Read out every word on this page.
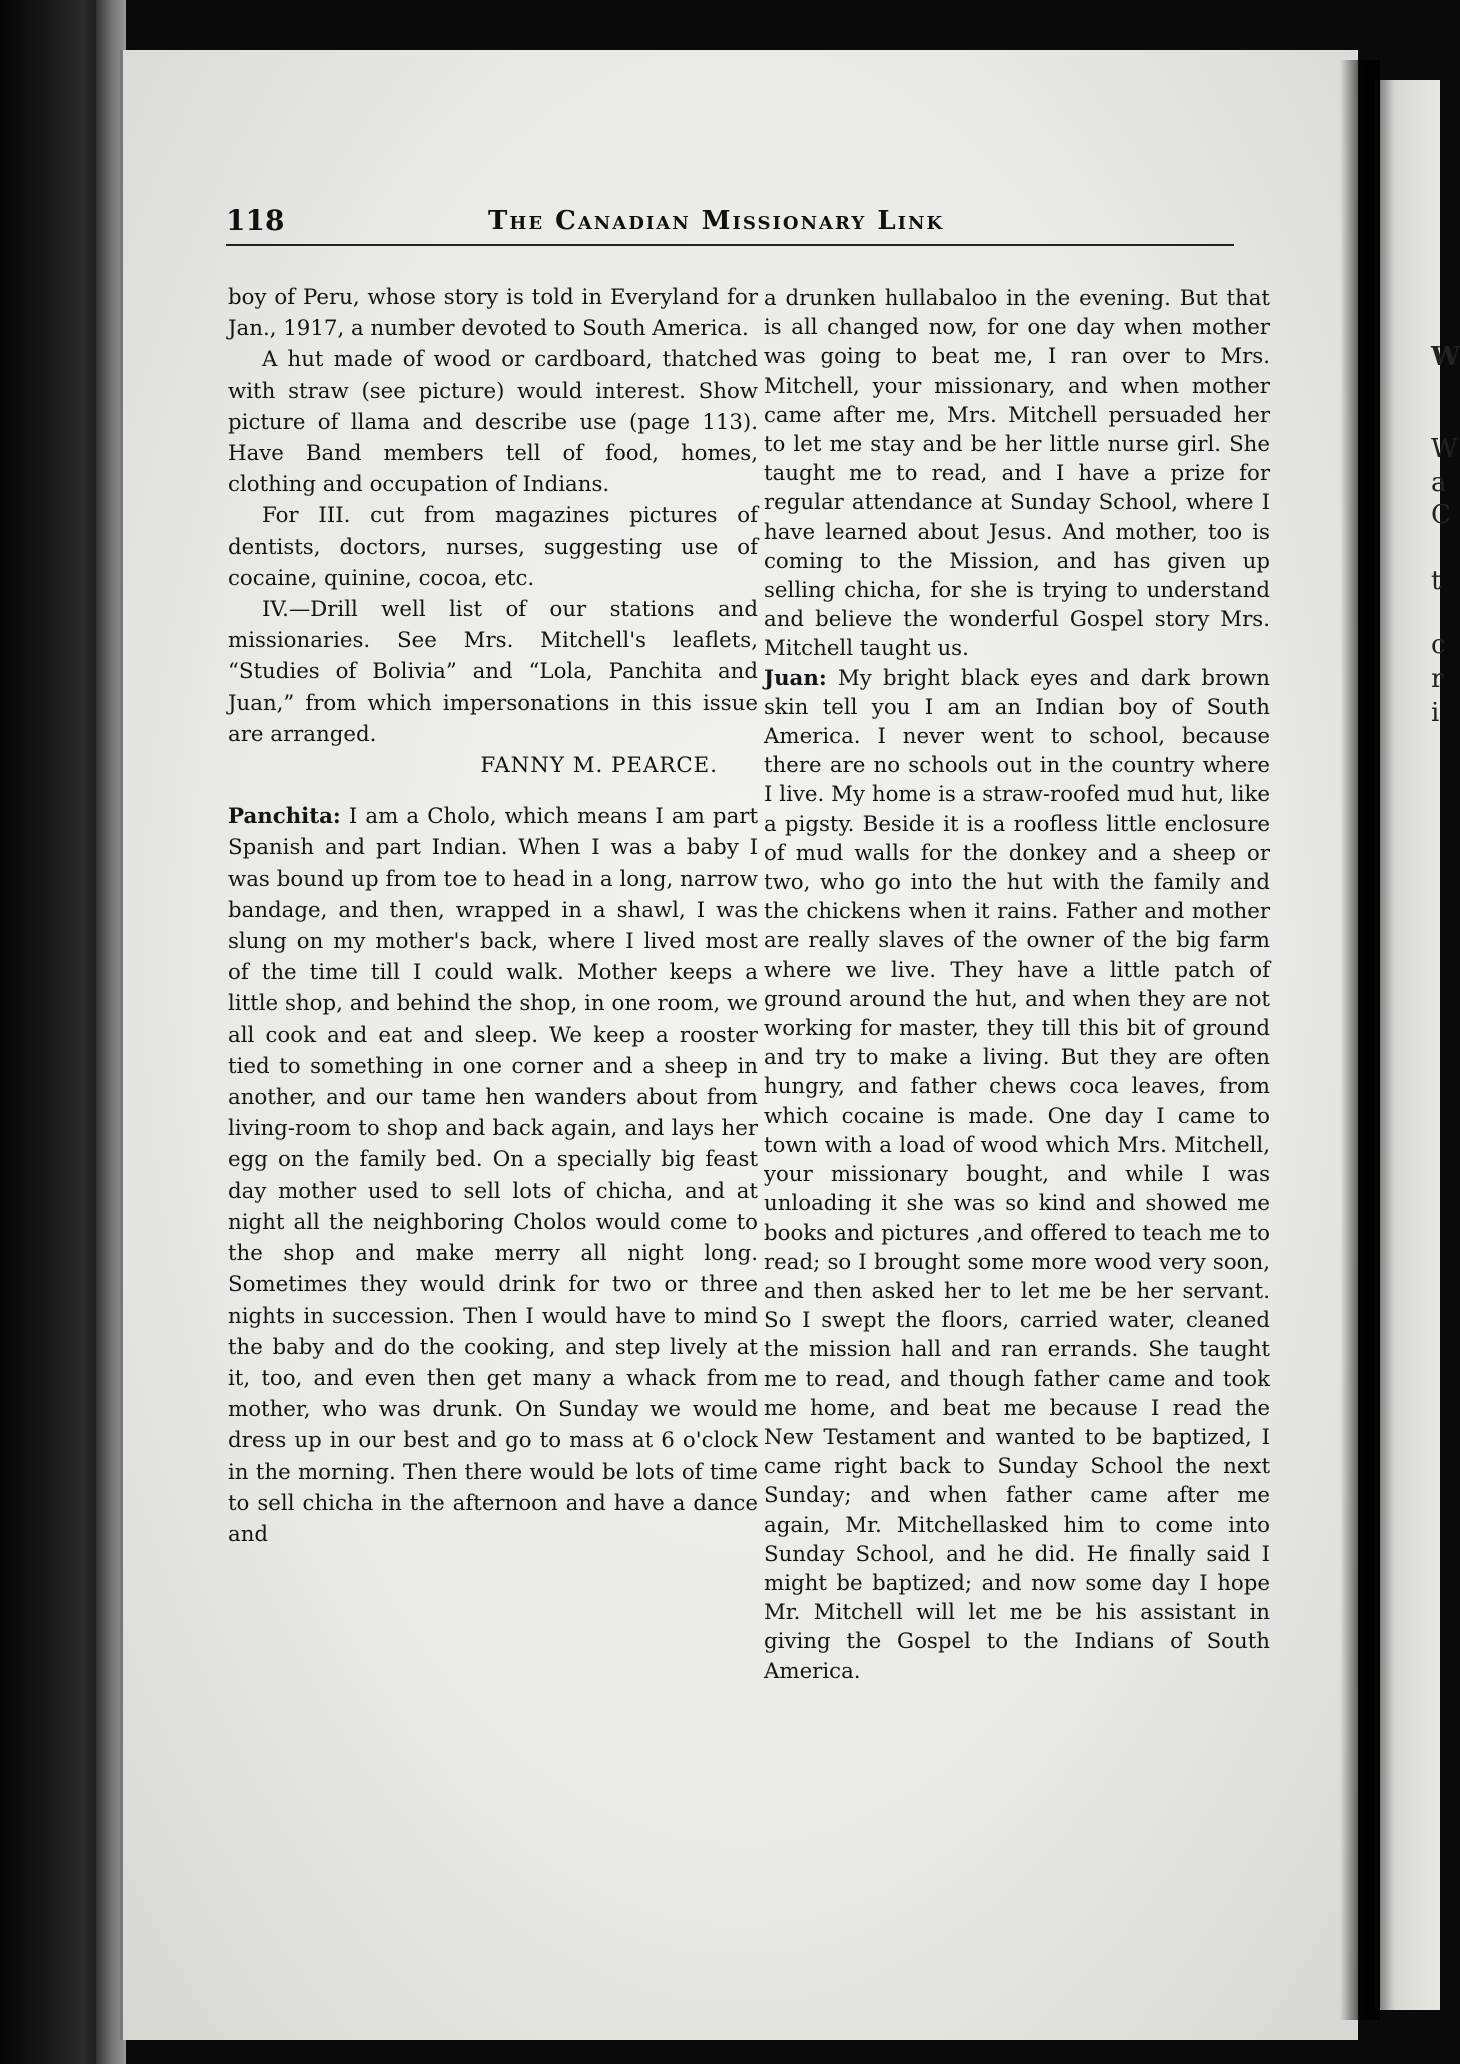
W
W
a
C
t
c
r
i
118	The Canadian Missionary Link

boy of Peru, whose story is told in Everyland for Jan., 1917, a number devoted to South America.

A hut made of wood or cardboard, thatched with straw (see picture) would interest. Show picture of llama and describe use (page 113). Have Band members tell of food, homes, clothing and occupation of Indians.

For III. cut from magazines pictures of dentists, doctors, nurses, suggesting use of cocaine, quinine, cocoa, etc.

IV.—Drill well list of our stations and missionaries. See Mrs. Mitchell's leaflets, “Studies of Bolivia” and “Lola, Panchita and Juan,” from which impersonations in this issue are arranged.

FANNY M. PEARCE.

Panchita: I am a Cholo, which means I am part Spanish and part Indian. When I was a baby I was bound up from toe to head in a long, narrow bandage, and then, wrapped in a shawl, I was slung on my mother's back, where I lived most of the time till I could walk. Mother keeps a little shop, and behind the shop, in one room, we all cook and eat and sleep. We keep a rooster tied to something in one corner and a sheep in another, and our tame hen wanders about from living-room to shop and back again, and lays her egg on the family bed. On a specially big feast day mother used to sell lots of chicha, and at night all the neighboring Cholos would come to the shop and make merry all night long. Sometimes they would drink for two or three nights in succession. Then I would have to mind the baby and do the cooking, and step lively at it, too, and even then get many a whack from mother, who was drunk. On Sunday we would dress up in our best and go to mass at 6 o'clock in the morning. Then there would be lots of time to sell chicha in the afternoon and have a dance and

a drunken hullabaloo in the evening. But that is all changed now, for one day when mother was going to beat me, I ran over to Mrs. Mitchell, your missionary, and when mother came after me, Mrs. Mitchell persuaded her to let me stay and be her little nurse girl. She taught me to read, and I have a prize for regular attendance at Sunday School, where I have learned about Jesus. And mother, too is coming to the Mission, and has given up selling chicha, for she is trying to understand and believe the wonderful Gospel story Mrs. Mitchell taught us.

Juan: My bright black eyes and dark brown skin tell you I am an Indian boy of South America. I never went to school, because there are no schools out in the country where I live. My home is a straw-roofed mud hut, like a pigsty. Beside it is a roofless little enclosure of mud walls for the donkey and a sheep or two, who go into the hut with the family and the chickens when it rains. Father and mother are really slaves of the owner of the big farm where we live. They have a little patch of ground around the hut, and when they are not working for master, they till this bit of ground and try to make a living. But they are often hungry, and father chews coca leaves, from which cocaine is made. One day I came to town with a load of wood which Mrs. Mitchell, your missionary bought, and while I was unloading it she was so kind and showed me books and pictures ,and offered to teach me to read; so I brought some more wood very soon, and then asked her to let me be her servant. So I swept the floors, carried water, cleaned the mission hall and ran errands. She taught me to read, and though father came and took me home, and beat me because I read the New Testament and wanted to be baptized, I came right back to Sunday School the next Sunday; and when father came after me again, Mr. Mitchellasked him to come into Sunday School, and he did. He finally said I might be baptized; and now some day I hope Mr. Mitchell will let me be his assistant in giving the Gospel to the Indians of South America.
